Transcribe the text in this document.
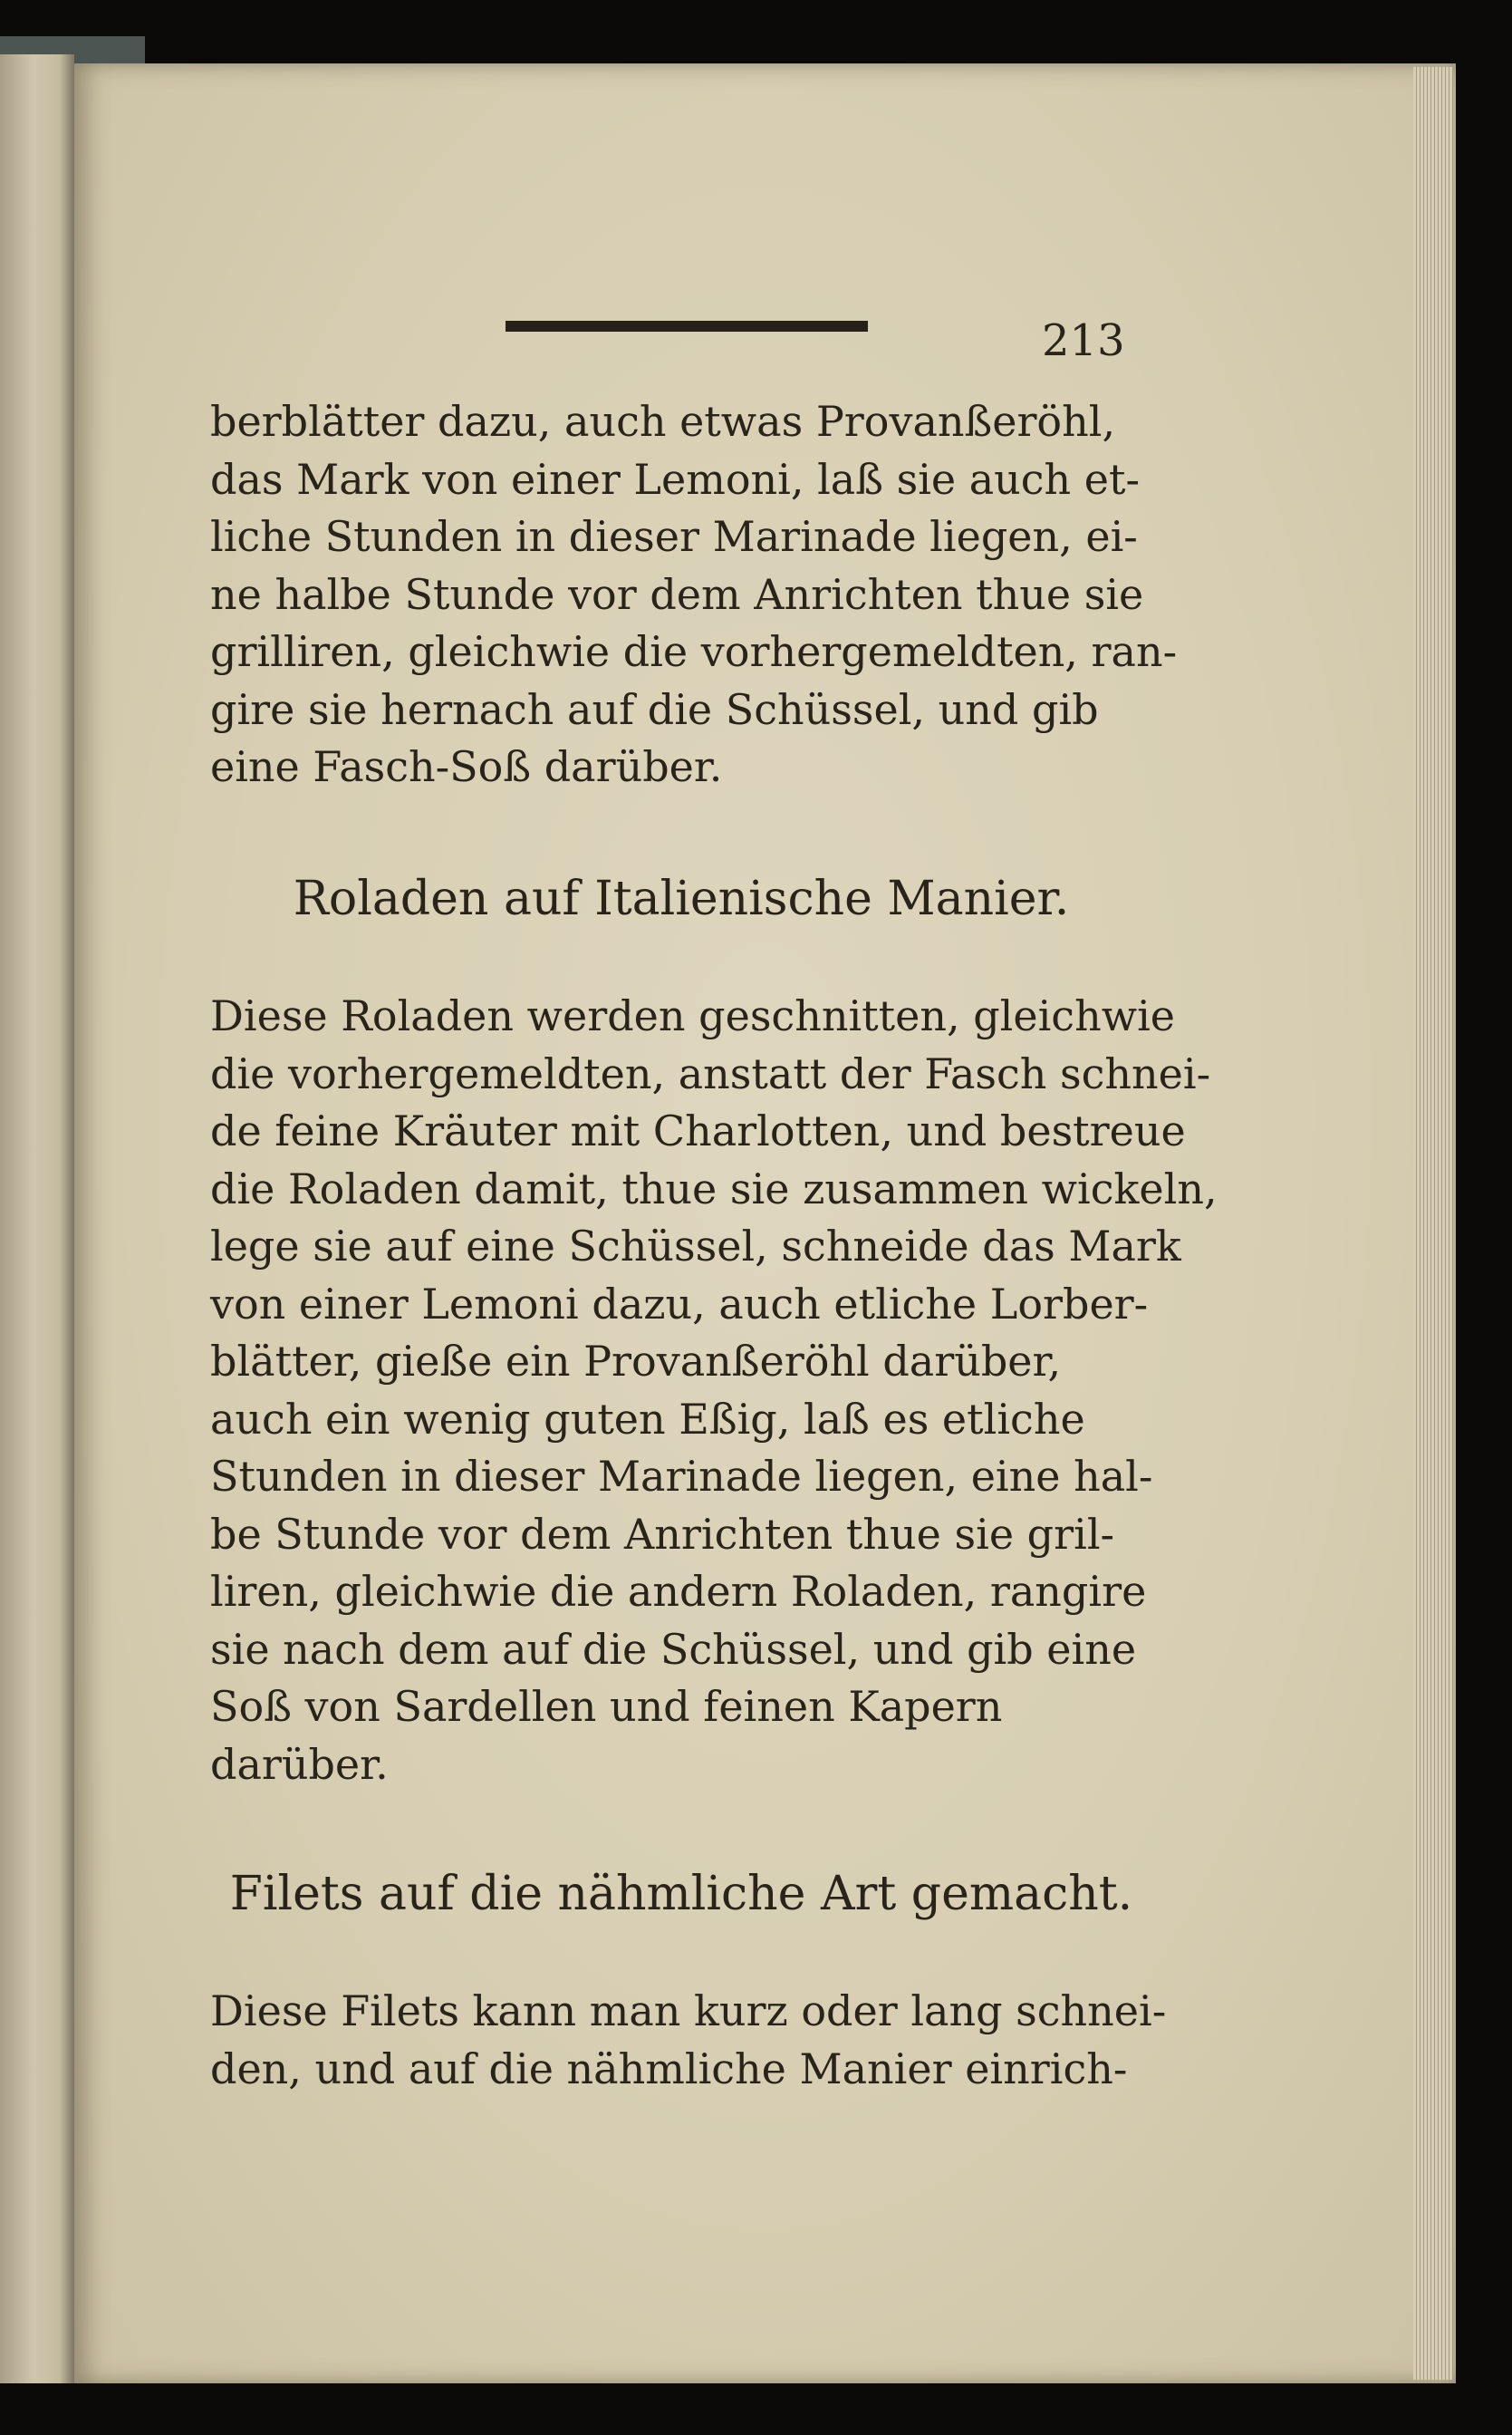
213
berblätter dazu, auch etwas Provanßeröhl,
das Mark von einer Lemoni, laß sie auch et-
liche Stunden in dieser Marinade liegen, ei-
ne halbe Stunde vor dem Anrichten thue sie
grilliren, gleichwie die vorhergemeldten, ran-
gire sie hernach auf die Schüssel, und gib
eine Fasch-Soß darüber.
Roladen auf Italienische Manier.
Diese Roladen werden geschnitten, gleichwie
die vorhergemeldten, anstatt der Fasch schnei-
de feine Kräuter mit Charlotten, und bestreue
die Roladen damit, thue sie zusammen wickeln,
lege sie auf eine Schüssel, schneide das Mark
von einer Lemoni dazu, auch etliche Lorber-
blätter, gieße ein Provanßeröhl darüber,
auch ein wenig guten Eßig, laß es etliche
Stunden in dieser Marinade liegen, eine hal-
be Stunde vor dem Anrichten thue sie gril-
liren, gleichwie die andern Roladen, rangire
sie nach dem auf die Schüssel, und gib eine
Soß von Sardellen und feinen Kapern
darüber.
Filets auf die nähmliche Art gemacht.
Diese Filets kann man kurz oder lang schnei-
den, und auf die nähmliche Manier einrich-
